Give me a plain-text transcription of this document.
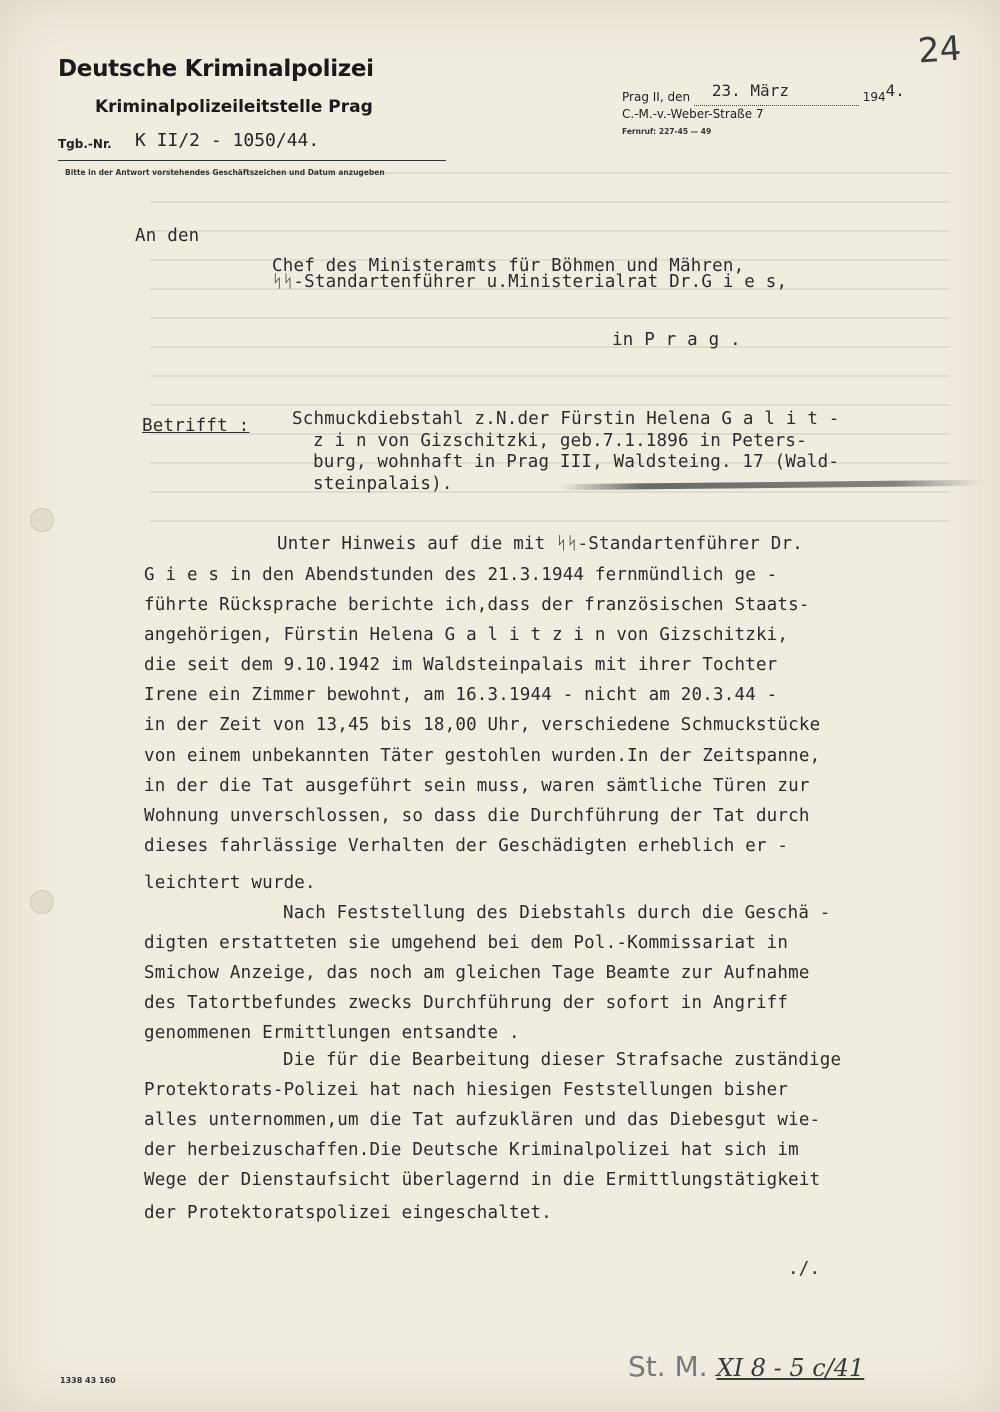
Deutsche Kriminalpolizei
Kriminalpolizeileitstelle Prag
Tgb.-Nr. K II/2 - 1050/44.
Bitte in der Antwort vorstehendes Geschäftszeichen und Datum anzugeben
Prag II, den 23. März	1944.
C.-M.-v.-Weber-Straße 7
Fernruf: 227-45 — 49
24
An den
Chef des Ministeramts für Böhmen und Mähren,
ᛋᛋ-Standartenführer u.Ministerialrat Dr.G i e s,
in P r a g .
Betrifft : Schmuckdiebstahl z.N.der Fürstin Helena G a l i t -
z i n von Gizschitzki, geb.7.1.1896 in Peters-
burg, wohnhaft in Prag III, Waldsteing. 17 (Wald-
steinpalais).
Unter Hinweis auf die mit ᛋᛋ-Standartenführer Dr.
G i e s in den Abendstunden des 21.3.1944 fernmündlich ge -
führte Rücksprache berichte ich,dass der französischen Staats-
angehörigen, Fürstin Helena G a l i t z i n von Gizschitzki,
die seit dem 9.10.1942 im Waldsteinpalais mit ihrer Tochter
Irene ein Zimmer bewohnt, am 16.3.1944 - nicht am 20.3.44 -
in der Zeit von 13,45 bis 18,00 Uhr, verschiedene Schmuckstücke
von einem unbekannten Täter gestohlen wurden.In der Zeitspanne,
in der die Tat ausgeführt sein muss, waren sämtliche Türen zur
Wohnung unverschlossen, so dass die Durchführung der Tat durch
dieses fahrlässige Verhalten der Geschädigten erheblich er -
leichtert wurde.
Nach Feststellung des Diebstahls durch die Geschä -
digten erstatteten sie umgehend bei dem Pol.-Kommissariat in
Smichow Anzeige, das noch am gleichen Tage Beamte zur Aufnahme
des Tatortbefundes zwecks Durchführung der sofort in Angriff
genommenen Ermittlungen entsandte .
Die für die Bearbeitung dieser Strafsache zuständige
Protektorats-Polizei hat nach hiesigen Feststellungen bisher
alles unternommen,um die Tat aufzuklären und das Diebesgut wie-
der herbeizuschaffen.Die Deutsche Kriminalpolizei hat sich im
Wege der Dienstaufsicht überlagernd in die Ermittlungstätigkeit
der Protektoratspolizei eingeschaltet.
./.
1338 43 160	St. M. XI 8 - 5 c/41
